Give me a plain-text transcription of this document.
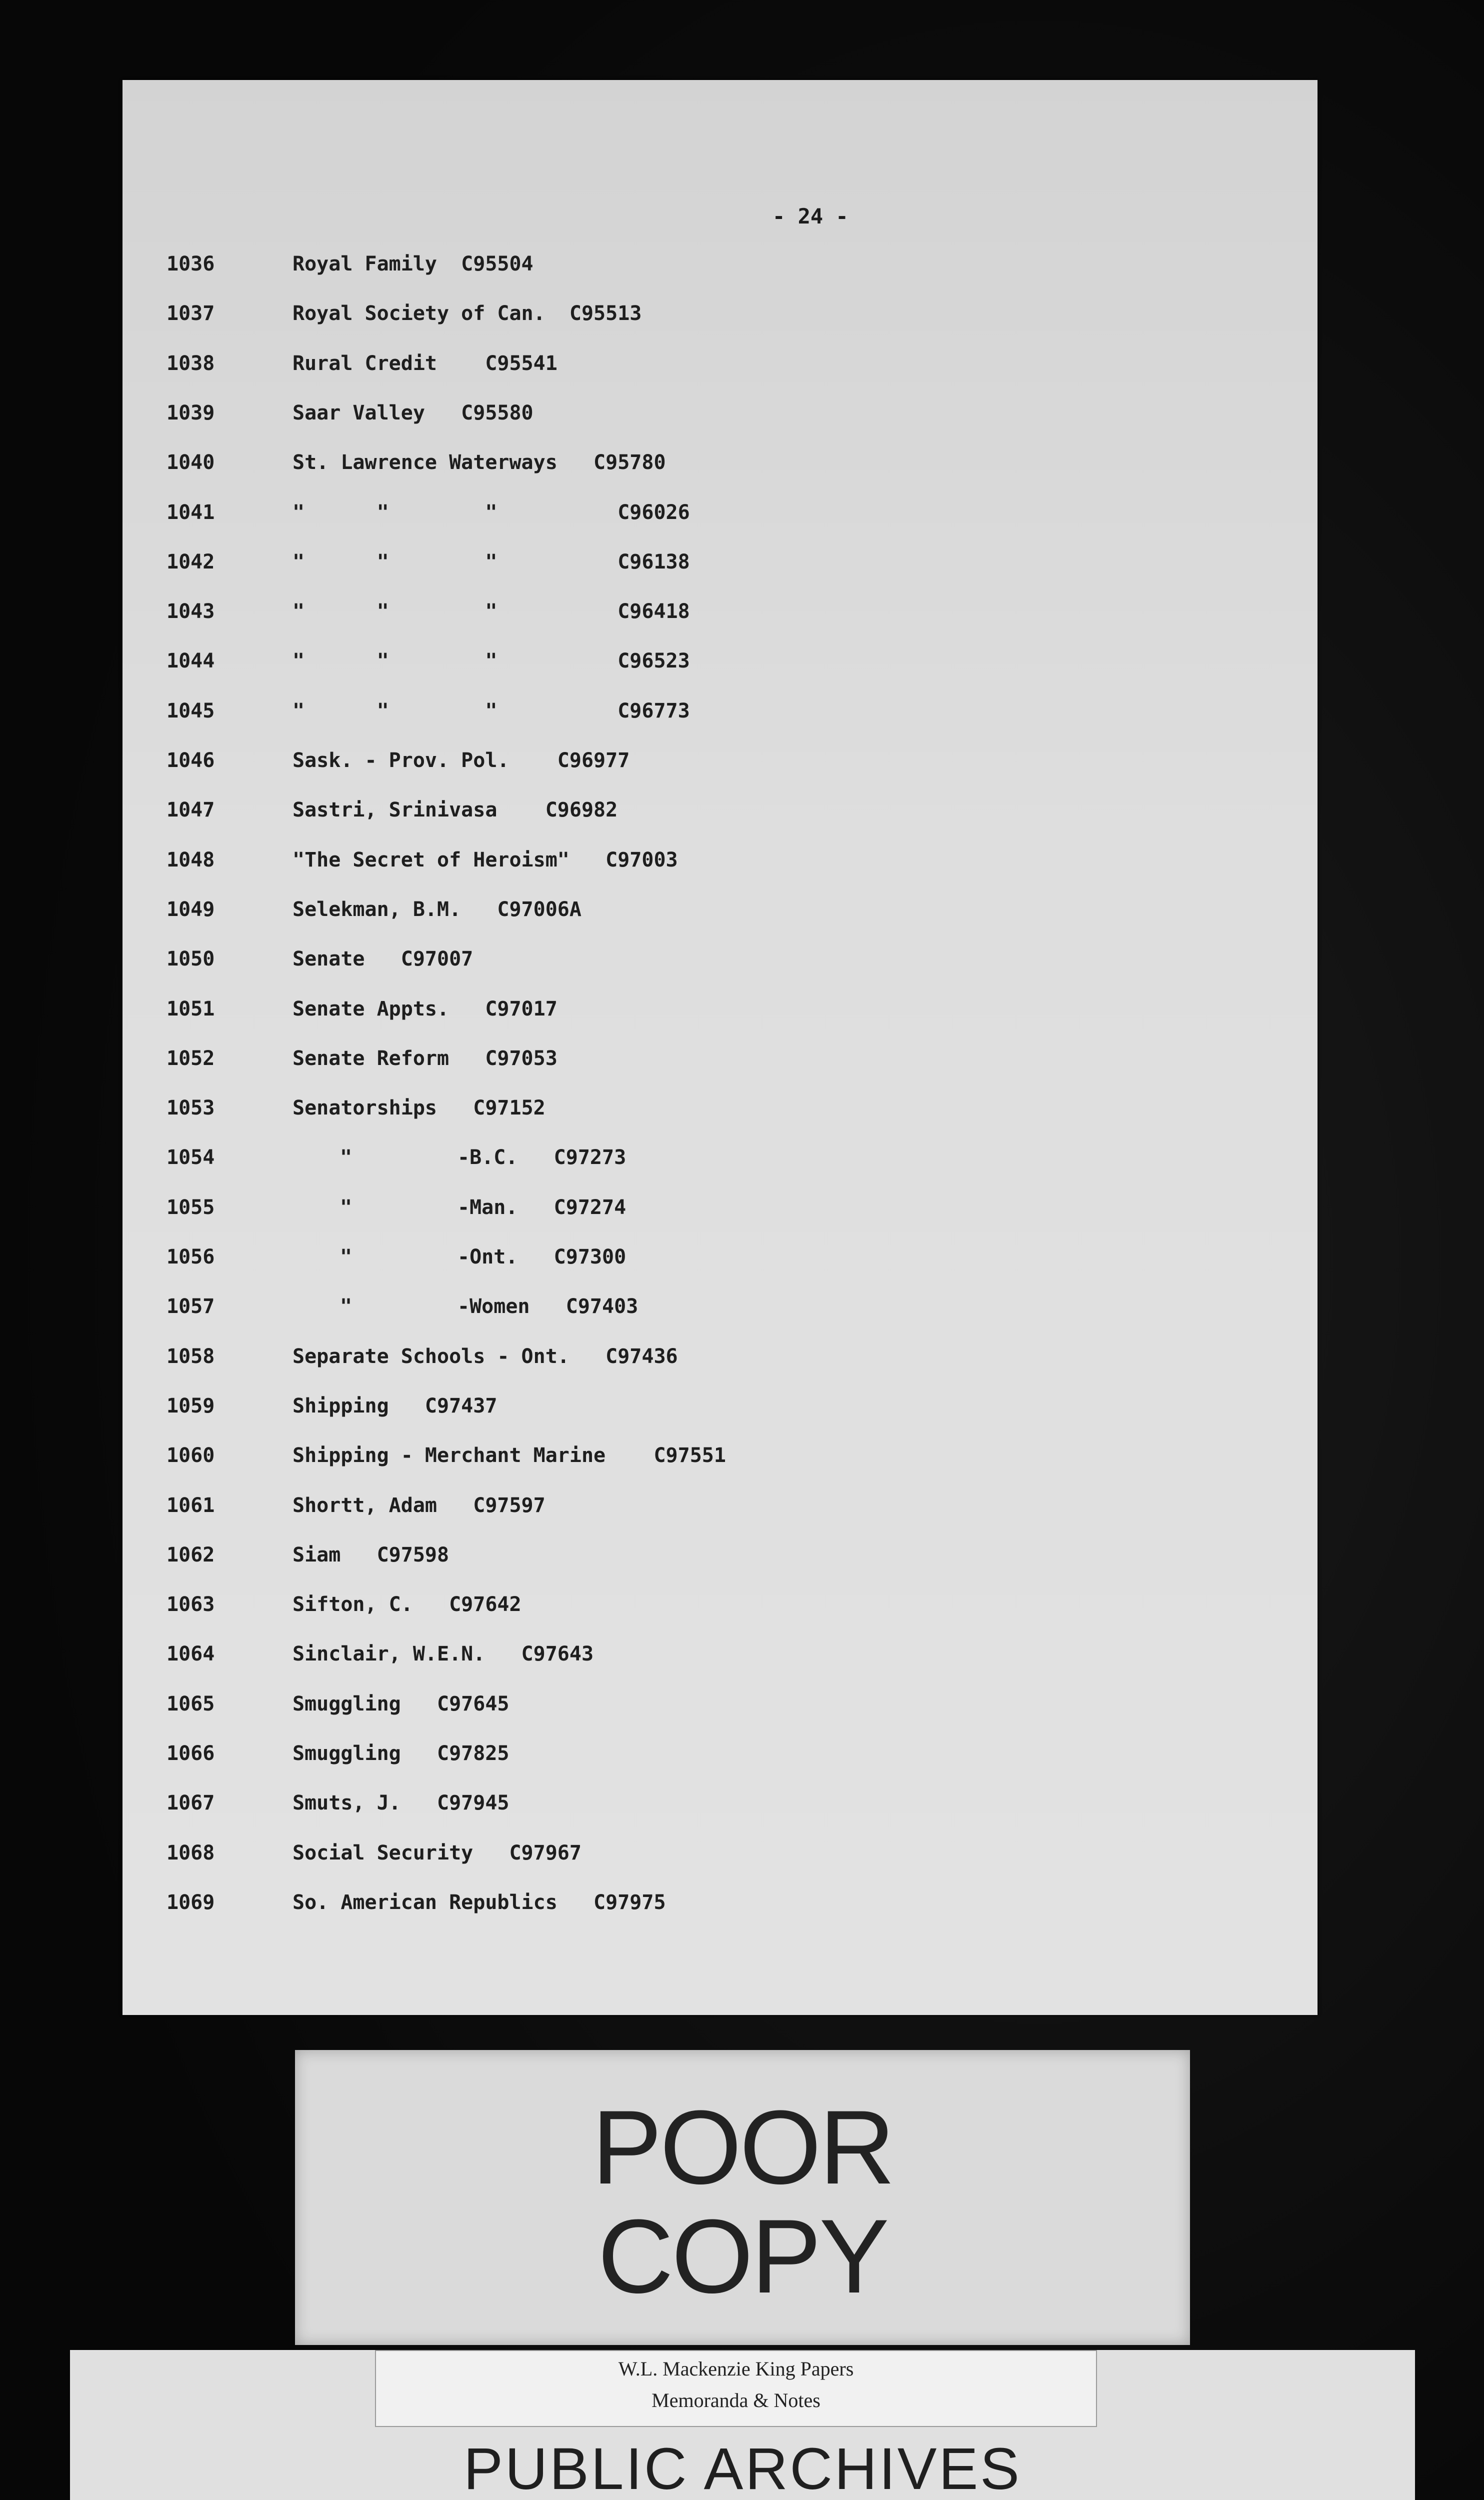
- 24 -
1036	Royal Family  C95504
1037	Royal Society of Can.  C95513
1038	Rural Credit    C95541
1039	Saar Valley   C95580
1040	St. Lawrence Waterways   C95780
1041	"      "        "          C96026
1042	"      "        "          C96138
1043	"      "        "          C96418
1044	"      "        "          C96523
1045	"      "        "          C96773
1046	Sask. - Prov. Pol.    C96977
1047	Sastri, Srinivasa    C96982
1048	"The Secret of Heroism"   C97003
1049	Selekman, B.M.   C97006A
1050	Senate   C97007
1051	Senate Appts.   C97017
1052	Senate Reform   C97053
1053	Senatorships   C97152
1054	"	-B.C.   C97273
1055	"	-Man.   C97274
1056	"	-Ont.   C97300
1057	"	-Women   C97403
1058	Separate Schools - Ont.   C97436
1059	Shipping   C97437
1060	Shipping - Merchant Marine    C97551
1061	Shortt, Adam   C97597
1062	Siam   C97598
1063	Sifton, C.   C97642
1064	Sinclair, W.E.N.   C97643
1065	Smuggling   C97645
1066	Smuggling   C97825
1067	Smuts, J.   C97945
1068	Social Security   C97967
1069	So. American Republics   C97975
POOR
COPY
W.L. Mackenzie King Papers
Memoranda & Notes
PUBLIC ARCHIVES
